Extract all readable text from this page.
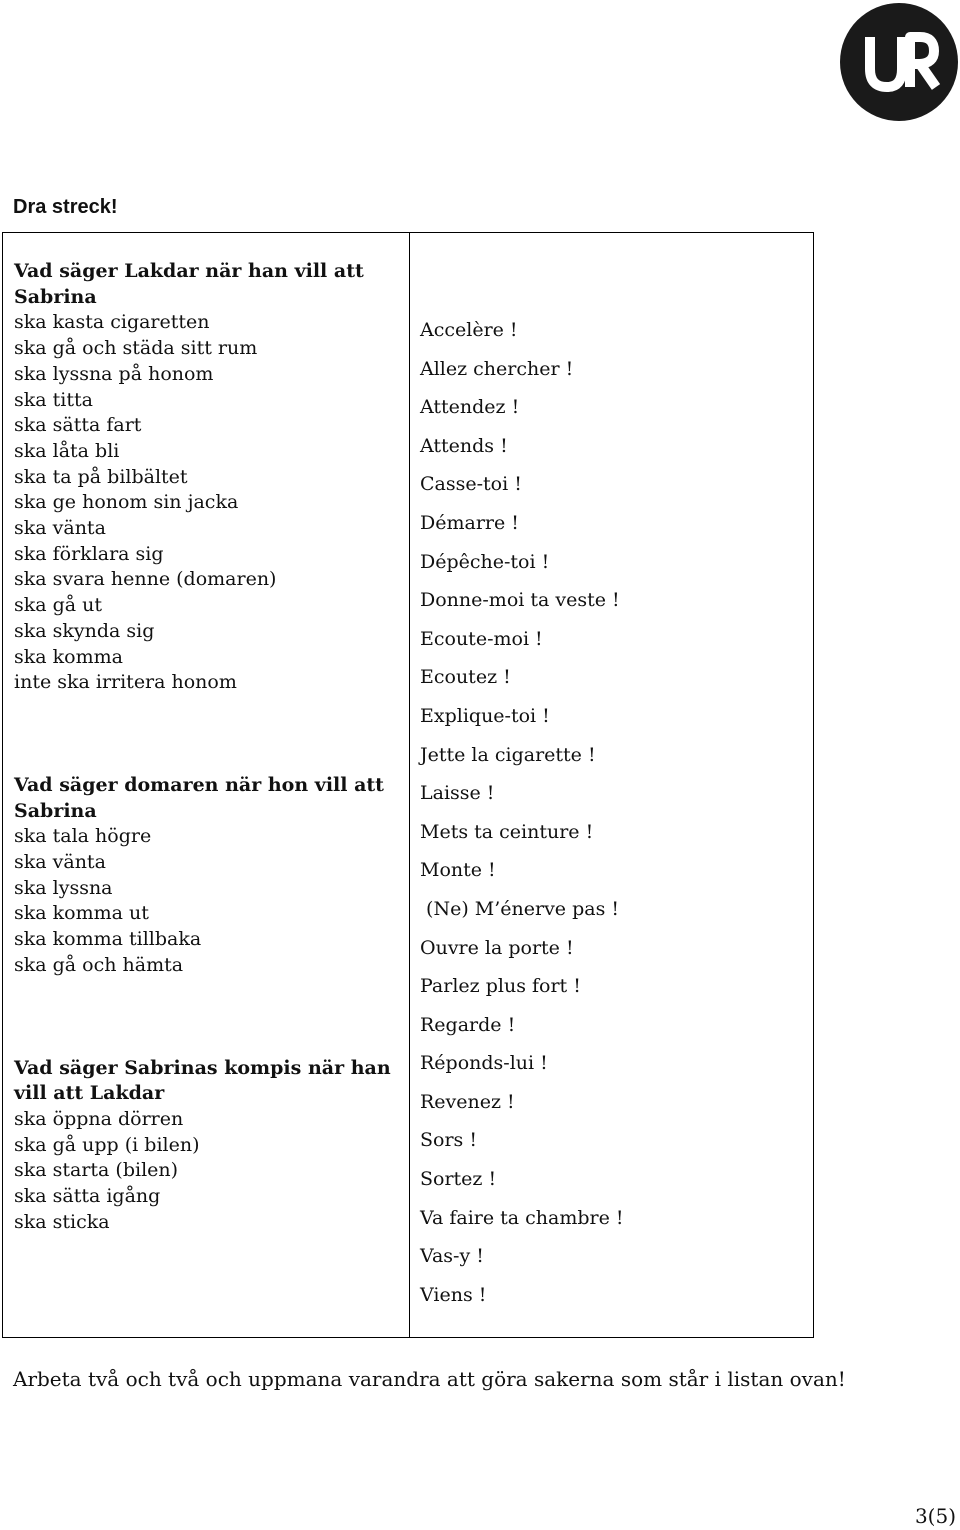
Dra streck!
Vad säger Lakdar när han vill att Sabrina
ska kasta cigaretten
ska gå och städa sitt rum
ska lyssna på honom
ska titta
ska sätta fart
ska låta bli
ska ta på bilbältet
ska ge honom sin jacka
ska vänta
ska förklara sig
ska svara henne (domaren)
ska gå ut
ska skynda sig
ska komma
inte ska irritera honom
Vad säger domaren när hon vill att Sabrina
ska tala högre
ska vänta
ska lyssna
ska komma ut
ska komma tillbaka
ska gå och hämta
Vad säger Sabrinas kompis när han vill att Lakdar
ska öppna dörren
ska gå upp (i bilen)
ska starta (bilen)
ska sätta igång
ska sticka
Accelère !
Allez chercher !
Attendez !
Attends !
Casse-toi !
Démarre !
Dépêche-toi !
Donne-moi ta veste !
Ecoute-moi !
Ecoutez !
Explique-toi !
Jette la cigarette !
Laisse !
Mets ta ceinture !
Monte !
(Ne) M’énerve pas !
Ouvre la porte !
Parlez plus fort !
Regarde !
Réponds-lui !
Revenez !
Sors !
Sortez !
Va faire ta chambre !
Vas-y !
Viens !
Arbeta två och två och uppmana varandra att göra sakerna som står i listan ovan!
3(5)
